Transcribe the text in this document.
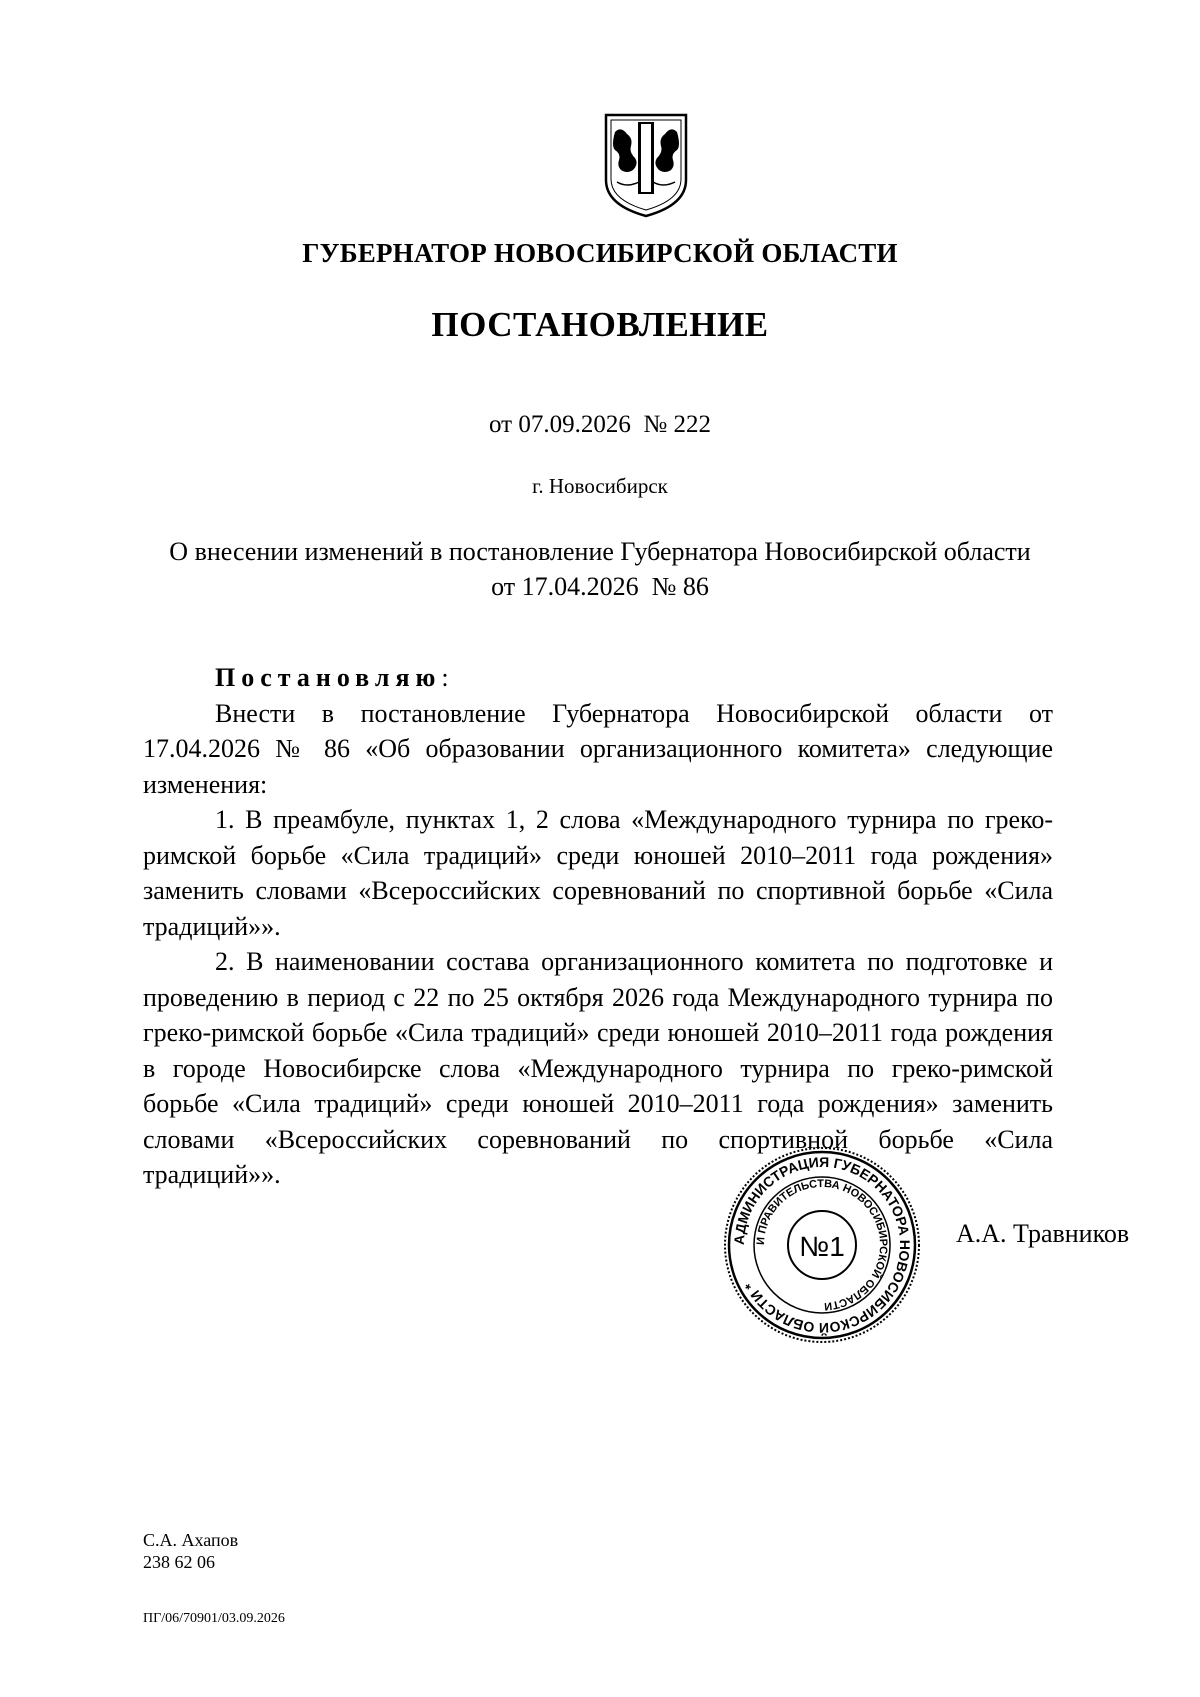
ГУБЕРНАТОР НОВОСИБИРСКОЙ ОБЛАСТИ
ПОСТАНОВЛЕНИЕ
от 07.09.2026  № 222
г. Новосибирск
О внесении изменений в постановление Губернатора Новосибирской области
от 17.04.2026  № 86

Постановляю:

Внести в постановление Губернатора Новосибирской области от 17.04.2026 № 86 «Об образовании организационного комитета» следующие изменения:

1. В преамбуле, пунктах 1, 2 слова «Международного турнира по греко-римской борьбе «Сила традиций» среди юношей 2010–2011 года рождения» заменить словами «Всероссийских соревнований по спортивной борьбе «Сила традиций»».

2. В наименовании состава организационного комитета по подготовке и проведению в период с 22 по 25 октября 2026 года Международного турнира по греко-римской борьбе «Сила традиций» среди юношей 2010–2011 года рождения в городе Новосибирске слова «Международного турнира по греко-римской борьбе «Сила традиций» среди юношей 2010–2011 года рождения» заменить словами «Всероссийских соревнований по спортивной борьбе «Сила традиций»».

АДМИНИСТРАЦИЯ ГУБЕРНАТОРА НОВОСИБИРСКОЙ ОБЛАСТИ *
И ПРАВИТЕЛЬСТВА НОВОСИБИРСКОЙ ОБЛАСТИ
№1	А.А. Травников
С.А. Ахапов
238 62 06
ПГ/06/70901/03.09.2026
